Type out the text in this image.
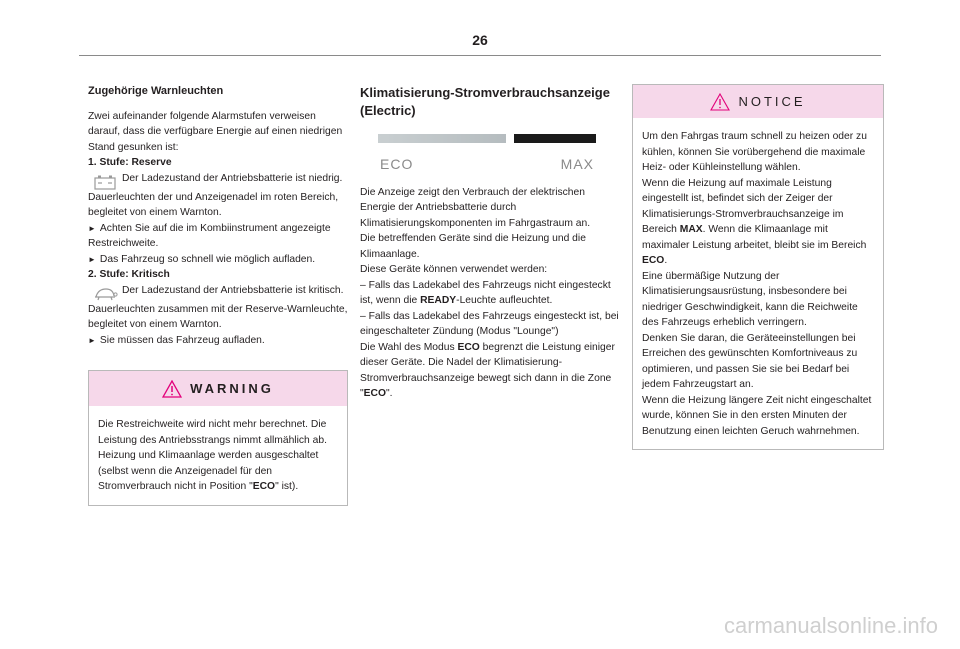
26
Zugehörige Warnleuchten

Zwei aufeinander folgende Alarmstufen verweisen darauf, dass die verfügbare Energie auf einen niedrigen Stand gesunken ist:

1. Stufe: Reserve

Der Ladezustand der Antriebsbatterie ist niedrig.

Dauerleuchten der und Anzeigenadel im roten Bereich, begleitet von einem Warnton.

► Achten Sie auf die im Kombiinstrument angezeigte Restreichweite.

► Das Fahrzeug so schnell wie möglich aufladen.

2. Stufe: Kritisch

Der Ladezustand der Antriebsbatterie ist kritisch.

Dauerleuchten zusammen mit der Reserve-Warnleuchte, begleitet von einem Warnton.

► Sie müssen das Fahrzeug aufladen.

WARNING
Die Restreichweite wird nicht mehr berechnet. Die Leistung des Antriebsstrangs nimmt allmählich ab. Heizung und Klimaanlage werden ausgeschaltet (selbst wenn die Anzeigenadel für den Stromverbrauch nicht in Position "ECO" ist).
Klimatisierung-Stromverbrauchsanzeige (Electric)
ECO	MAX

Die Anzeige zeigt den Verbrauch der elektrischen Energie der Antriebsbatterie durch Klimatisierungskomponenten im Fahrgastraum an.

Die betreffenden Geräte sind die Heizung und die Klimaanlage.

Diese Geräte können verwendet werden:

– Falls das Ladekabel des Fahrzeugs nicht eingesteckt ist, wenn die READY-Leuchte aufleuchtet.

– Falls das Ladekabel des Fahrzeugs eingesteckt ist, bei eingeschalteter Zündung (Modus "Lounge")

Die Wahl des Modus ECO begrenzt die Leistung einiger dieser Geräte. Die Nadel der Klimatisierung-Stromverbrauchsanzeige bewegt sich dann in die Zone "ECO".

NOTICE

Um den Fahrgas traum schnell zu heizen oder zu kühlen, können Sie vorübergehend die maximale Heiz- oder Kühleinstellung wählen.

Wenn die Heizung auf maximale Leistung eingestellt ist, befindet sich der Zeiger der Klimatisierungs-Stromverbrauchsanzeige im Bereich MAX. Wenn die Klimaanlage mit maximaler Leistung arbeitet, bleibt sie im Bereich ECO.

Eine übermäßige Nutzung der Klimatisierungsausrüstung, insbesondere bei niedriger Geschwindigkeit, kann die Reichweite des Fahrzeugs erheblich verringern.

Denken Sie daran, die Geräteeinstellungen bei Erreichen des gewünschten Komfortniveaus zu optimieren, und passen Sie sie bei Bedarf bei jedem Fahrzeugstart an.

Wenn die Heizung längere Zeit nicht eingeschaltet wurde, können Sie in den ersten Minuten der Benutzung einen leichten Geruch wahrnehmen.

carmanualsonline.info
